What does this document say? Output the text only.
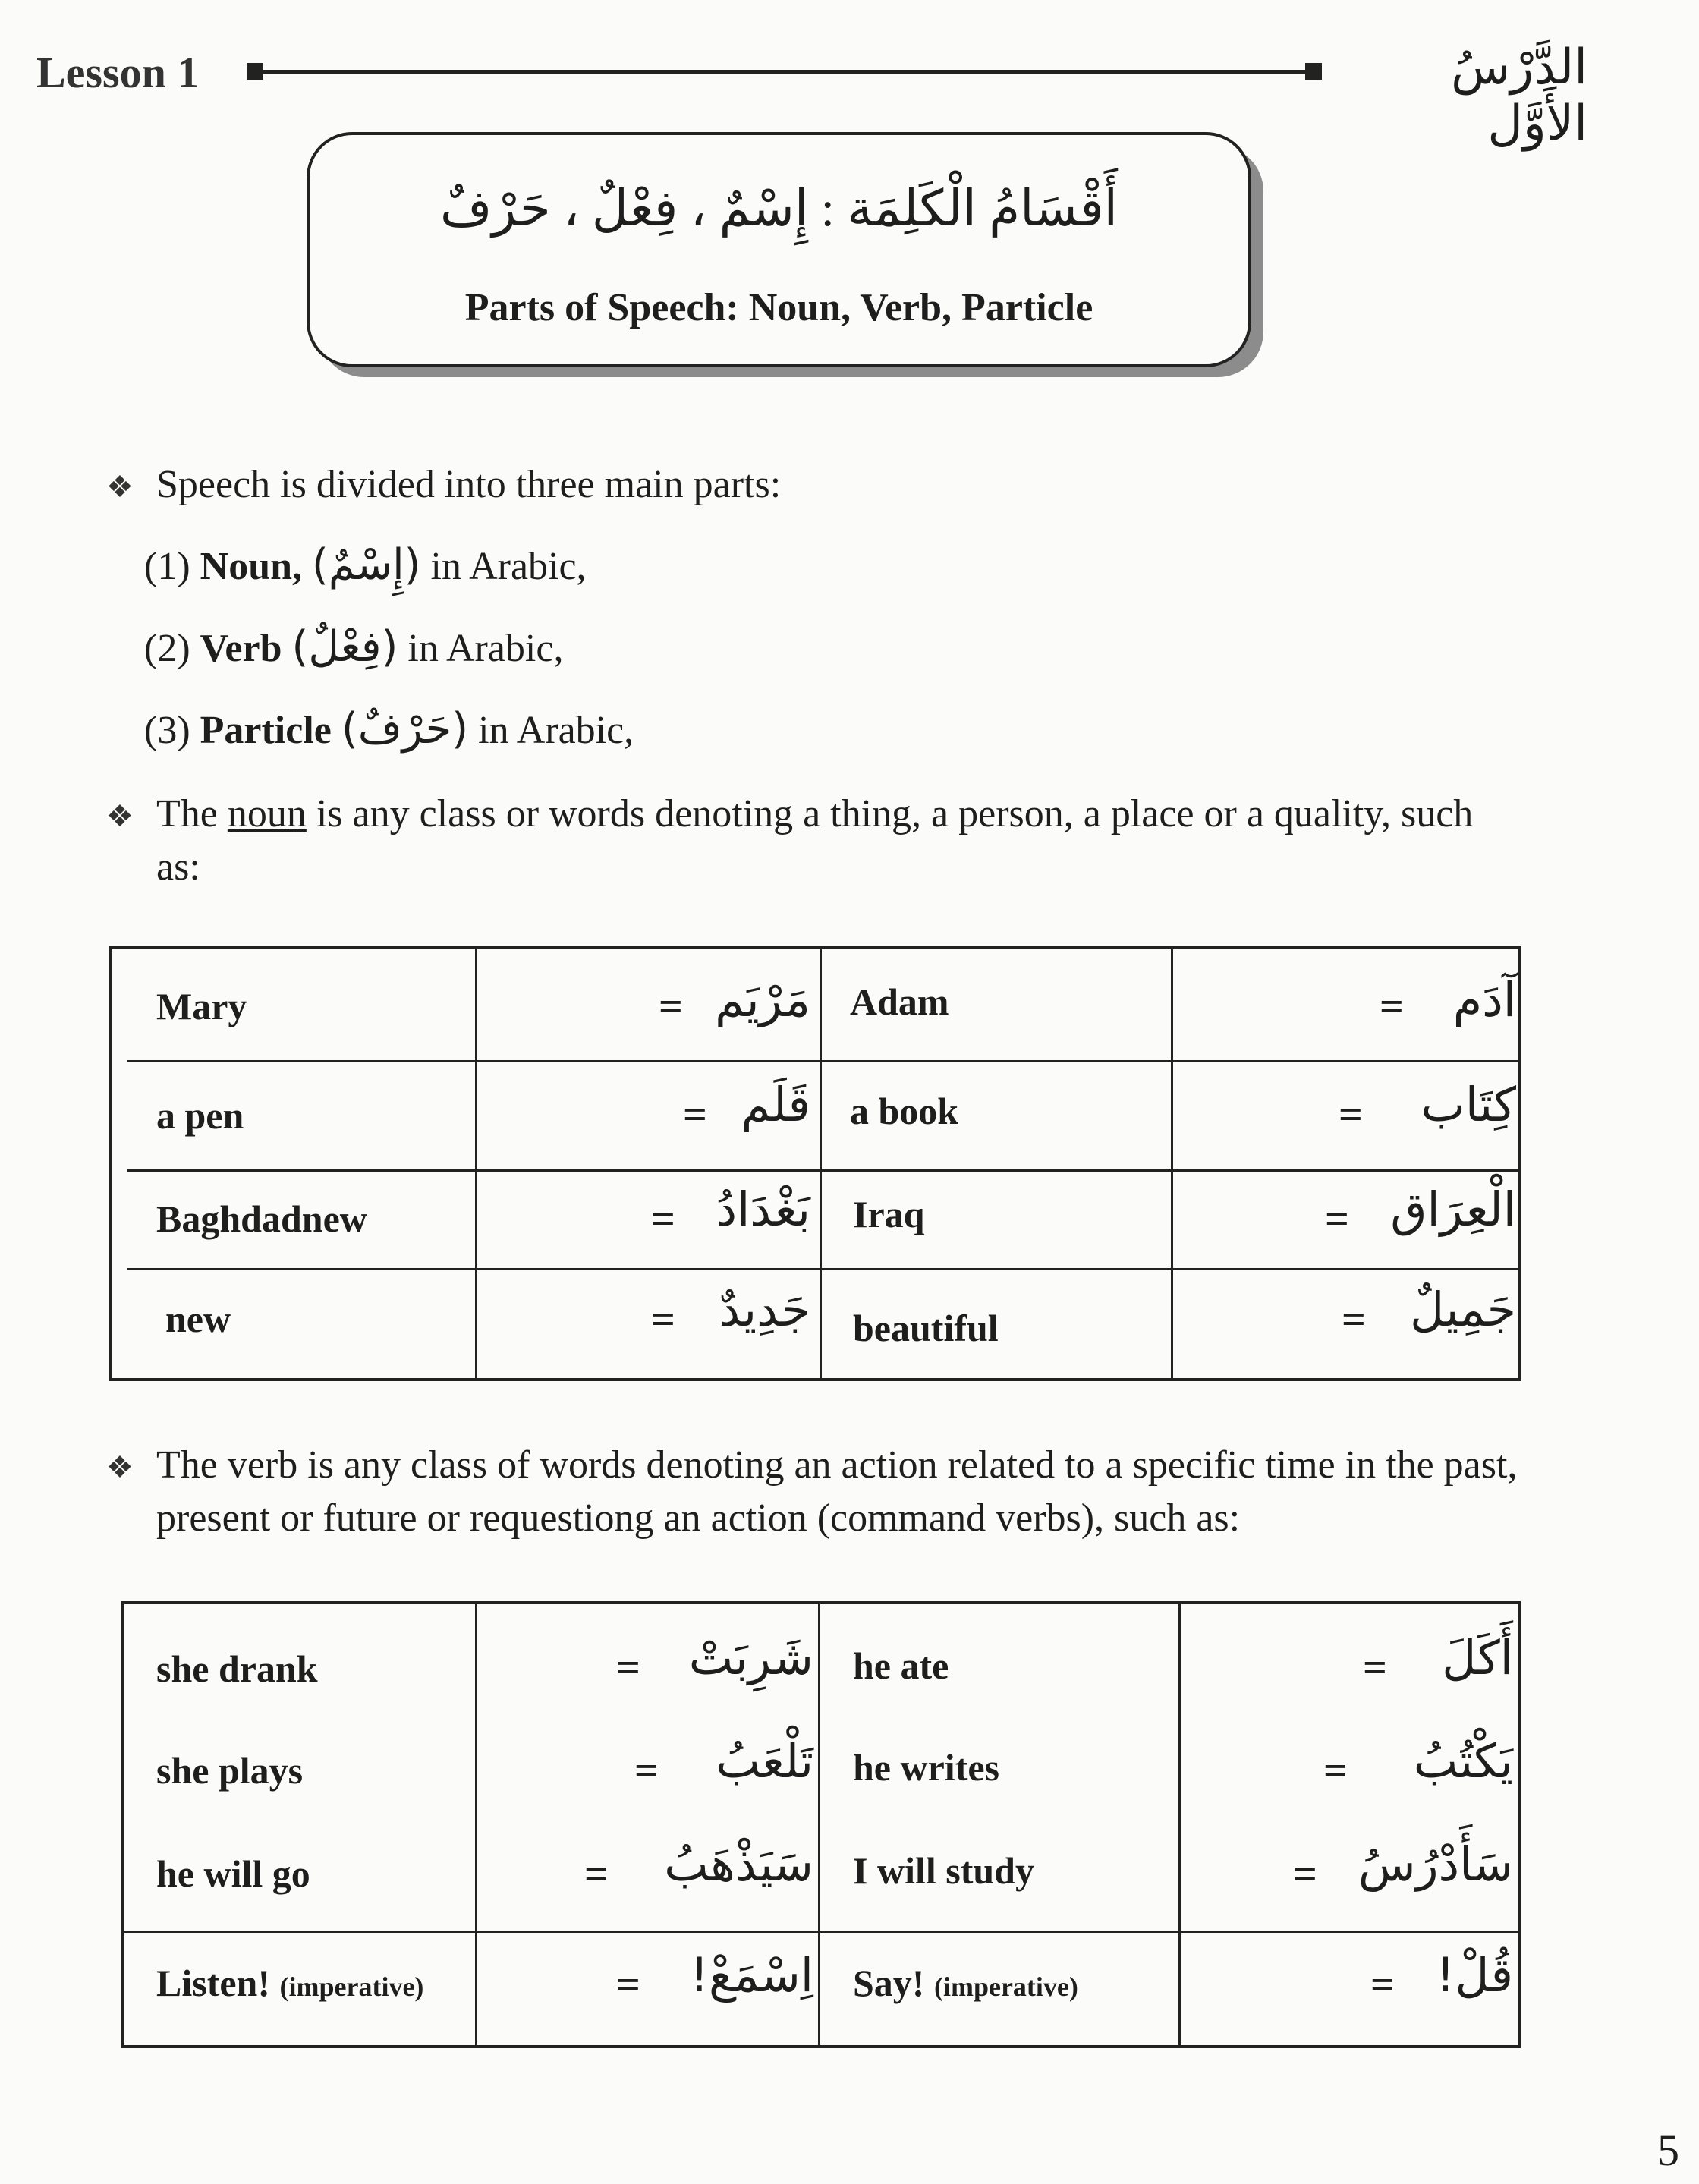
Lesson 1	الدَّرْسُ الأَوَّل
أَقْسَامُ الْكَلِمَة : إِسْمٌ ، فِعْلٌ ، حَرْفٌ
Parts of Speech: Noun, Verb, Particle
❖ Speech is divided into three main parts:
(1) Noun, (إِسْمٌ) in Arabic,
(2) Verb (فِعْلٌ) in Arabic,
(3) Particle (حَرْفٌ) in Arabic,
❖ The noun is any class or words denoting a thing, a person, a place or a quality, such as:
Mary	= مَرْيَم Adam	=	آدَم
a pen	= قَلَم a book	=	كِتَاب
Baghdadnew	= بَغْدَادُ Iraq	= الْعِرَاق
new	= جَدِيدٌ beautiful	= جَمِيلٌ
❖ The verb is any class of words denoting an action related to a specific time in the past, present or future or requestiong an action (command verbs), such as:
she drank	=	شَرِبَتْ he ate	=	أَكَلَ
she plays	=	تَلْعَبُ he writes	=	يَكْتُبُ
he will go	=	سَيَذْهَبُ I will study	= سَأَدْرُسُ
Listen! (imperative)	=	اِسْمَعْ! Say! (imperative)	= قُلْ!
5
